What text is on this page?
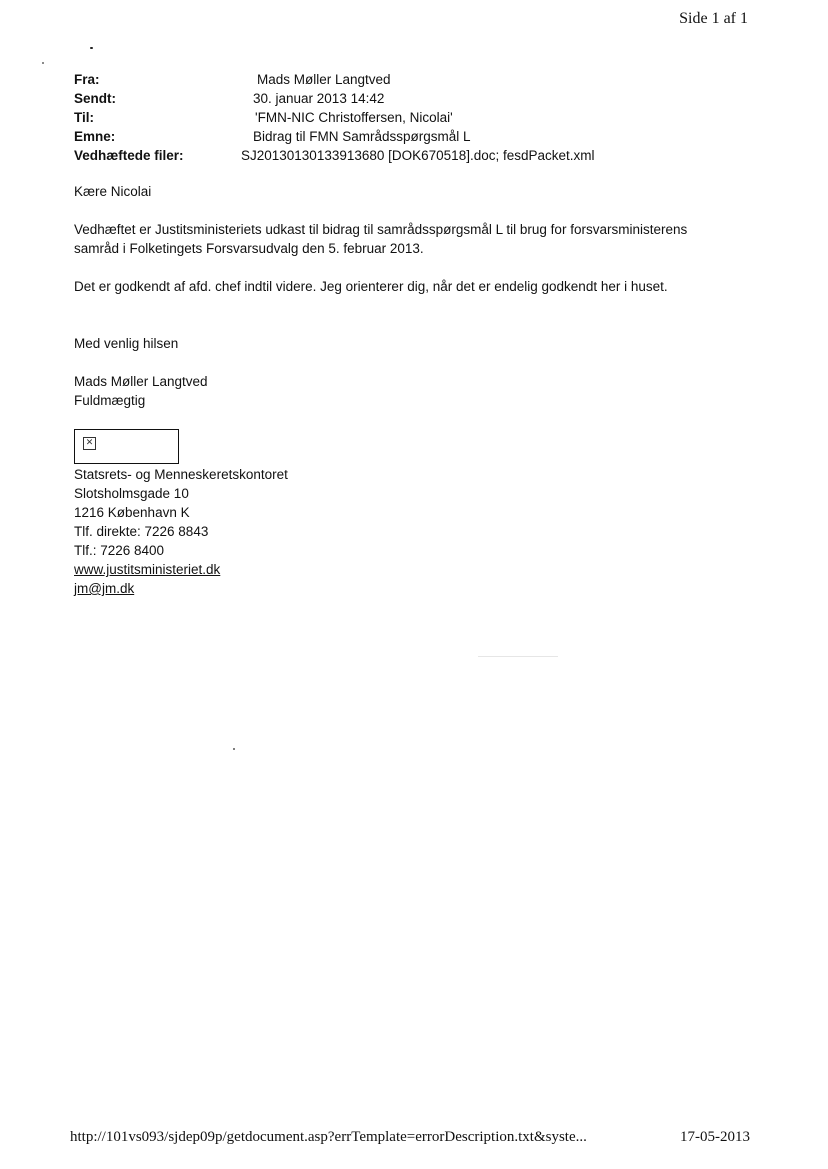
Side 1 af 1
Fra:	Mads Møller Langtved
Sendt:	30. januar 2013 14:42
Til:	'FMN-NIC Christoffersen, Nicolai'
Emne:	Bidrag til FMN Samrådsspørgsmål L
Vedhæftede filer:	SJ20130130133913680 [DOK670518].doc; fesdPacket.xml

Kære Nicolai

Vedhæftet er Justitsministeriets udkast til bidrag til samrådsspørgsmål L til brug for forsvarsministerens

samråd i Folketingets Forsvarsudvalg den 5. februar 2013.

Det er godkendt af afd. chef indtil videre. Jeg orienterer dig, når det er endelig godkendt her i huset.

Med venlig hilsen

Mads Møller Langtved

Fuldmægtig

✕
Statsrets- og Menneskeretskontoret
Slotsholmsgade 10
1216 København K
Tlf. direkte: 7226 8843
Tlf.: 7226 8400
www.justitsministeriet.dk
jm@jm.dk
http://101vs093/sjdep09p/getdocument.asp?errTemplate=errorDescription.txt&syste...	17-05-2013
